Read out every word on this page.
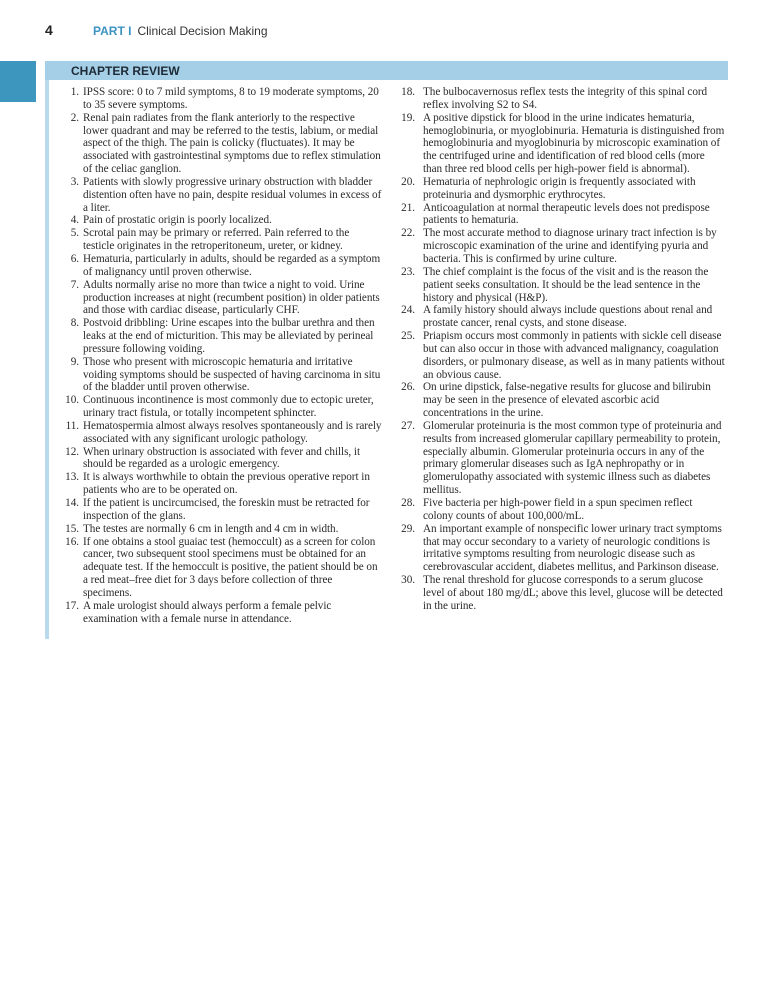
4	PART I Clinical Decision Making
CHAPTER REVIEW
1. IPSS score: 0 to 7 mild symptoms, 8 to 19 moderate symptoms, 20 to 35 severe symptoms.
2. Renal pain radiates from the flank anteriorly to the respective lower quadrant and may be referred to the testis, labium, or medial aspect of the thigh. The pain is colicky (fluctuates). It may be associated with gastrointestinal symptoms due to reflex stimulation of the celiac ganglion.
3. Patients with slowly progressive urinary obstruction with bladder distention often have no pain, despite residual volumes in excess of a liter.
4. Pain of prostatic origin is poorly localized.
5. Scrotal pain may be primary or referred. Pain referred to the testicle originates in the retroperitoneum, ureter, or kidney.
6. Hematuria, particularly in adults, should be regarded as a symptom of malignancy until proven otherwise.
7. Adults normally arise no more than twice a night to void. Urine production increases at night (recumbent position) in older patients and those with cardiac disease, particularly CHF.
8. Postvoid dribbling: Urine escapes into the bulbar urethra and then leaks at the end of micturition. This may be alleviated by perineal pressure following voiding.
9. Those who present with microscopic hematuria and irritative voiding symptoms should be suspected of having carcinoma in situ of the bladder until proven otherwise.
10. Continuous incontinence is most commonly due to ectopic ureter, urinary tract fistula, or totally incompetent sphincter.
11. Hematospermia almost always resolves spontaneously and is rarely associated with any significant urologic pathology.
12. When urinary obstruction is associated with fever and chills, it should be regarded as a urologic emergency.
13. It is always worthwhile to obtain the previous operative report in patients who are to be operated on.
14. If the patient is uncircumcised, the foreskin must be retracted for inspection of the glans.
15. The testes are normally 6 cm in length and 4 cm in width.
16. If one obtains a stool guaiac test (hemoccult) as a screen for colon cancer, two subsequent stool specimens must be obtained for an adequate test. If the hemoccult is positive, the patient should be on a red meat–free diet for 3 days before collection of three specimens.
17. A male urologist should always perform a female pelvic examination with a female nurse in attendance.
18. The bulbocavernosus reflex tests the integrity of this spinal cord reflex involving S2 to S4.
19. A positive dipstick for blood in the urine indicates hematuria, hemoglobinuria, or myoglobinuria. Hematuria is distinguished from hemoglobinuria and myoglobinuria by microscopic examination of the centrifuged urine and identification of red blood cells (more than three red blood cells per high-power field is abnormal).
20. Hematuria of nephrologic origin is frequently associated with proteinuria and dysmorphic erythrocytes.
21. Anticoagulation at normal therapeutic levels does not predispose patients to hematuria.
22. The most accurate method to diagnose urinary tract infection is by microscopic examination of the urine and identifying pyuria and bacteria. This is confirmed by urine culture.
23. The chief complaint is the focus of the visit and is the reason the patient seeks consultation. It should be the lead sentence in the history and physical (H&P).
24. A family history should always include questions about renal and prostate cancer, renal cysts, and stone disease.
25. Priapism occurs most commonly in patients with sickle cell disease but can also occur in those with advanced malignancy, coagulation disorders, or pulmonary disease, as well as in many patients without an obvious cause.
26. On urine dipstick, false-negative results for glucose and bilirubin may be seen in the presence of elevated ascorbic acid concentrations in the urine.
27. Glomerular proteinuria is the most common type of proteinuria and results from increased glomerular capillary permeability to protein, especially albumin. Glomerular proteinuria occurs in any of the primary glomerular diseases such as IgA nephropathy or in glomerulopathy associated with systemic illness such as diabetes mellitus.
28. Five bacteria per high-power field in a spun specimen reflect colony counts of about 100,000/mL.
29. An important example of nonspecific lower urinary tract symptoms that may occur secondary to a variety of neurologic conditions is irritative symptoms resulting from neurologic disease such as cerebrovascular accident, diabetes mellitus, and Parkinson disease.
30. The renal threshold for glucose corresponds to a serum glucose level of about 180 mg/dL; above this level, glucose will be detected in the urine.
